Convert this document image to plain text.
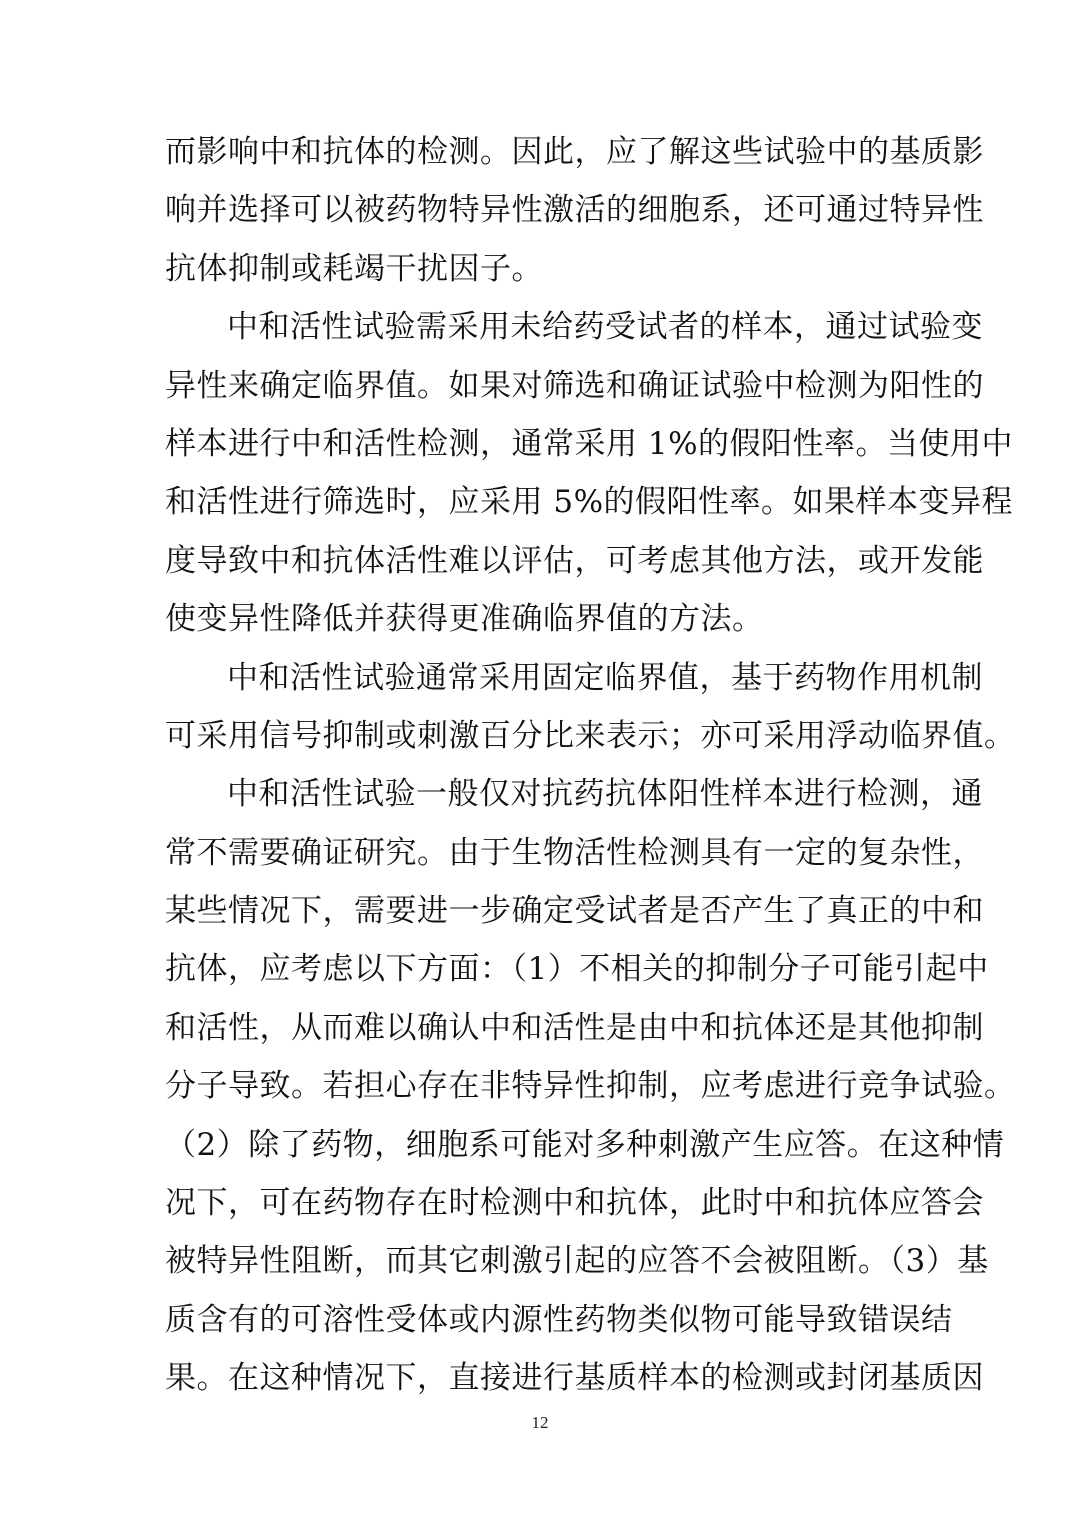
而影响中和抗体的检测。因此，应了解这些试验中的基质影
响并选择可以被药物特异性激活的细胞系，还可通过特异性
抗体抑制或耗竭干扰因子。
中和活性试验需采用未给药受试者的样本，通过试验变
异性来确定临界值。如果对筛选和确证试验中检测为阳性的
样本进行中和活性检测，通常采用 1%的假阳性率。当使用中
和活性进行筛选时，应采用 5%的假阳性率。如果样本变异程
度导致中和抗体活性难以评估，可考虑其他方法，或开发能
使变异性降低并获得更准确临界值的方法。
中和活性试验通常采用固定临界值，基于药物作用机制
可采用信号抑制或刺激百分比来表示；亦可采用浮动临界值。
中和活性试验一般仅对抗药抗体阳性样本进行检测，通
常不需要确证研究。由于生物活性检测具有一定的复杂性，
某些情况下，需要进一步确定受试者是否产生了真正的中和
抗体，应考虑以下方面：（1）不相关的抑制分子可能引起中
和活性，从而难以确认中和活性是由中和抗体还是其他抑制
分子导致。若担心存在非特异性抑制，应考虑进行竞争试验。
（2）除了药物，细胞系可能对多种刺激产生应答。在这种情
况下，可在药物存在时检测中和抗体，此时中和抗体应答会
被特异性阻断，而其它刺激引起的应答不会被阻断。（3）基
质含有的可溶性受体或内源性药物类似物可能导致错误结
果。在这种情况下，直接进行基质样本的检测或封闭基质因
12
